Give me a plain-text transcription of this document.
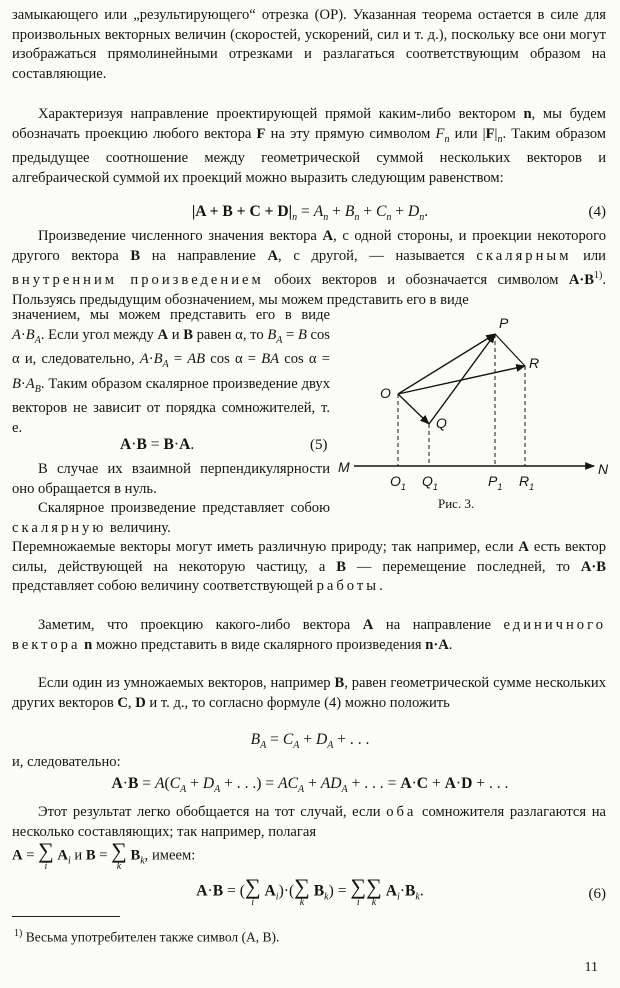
замыкающего или „результирующего“ отрезка (OP). Указанная теорема остается в силе для произвольных векторных величин (скоростей, ускорений, сил и т. д.), поскольку все они могут изображаться прямолинейными отрезками и разлагаться соответствующим образом на составляющие.

Характеризуя направление проектирующей прямой каким-либо вектором n, мы будем обозначать проекцию любого вектора F на эту прямую символом $F_n$ или $|F|_n$. Таким образом предыдущее соотношение между геометрической суммой нескольких векторов и алгебраической суммой их проекций можно выразить следующим равенством:

$|A + B + C + D|_n = A_n + B_n + C_n + D_n$.	(4)

Произведение численного значения вектора A, с одной стороны, и проекции некоторого другого вектора B на направление A, с другой, — называется скалярным или внутренним произведением обоих векторов и обозначается символом $A\cdot B^{1)}$. Пользуясь предыдущим обозначением, мы можем представить его в виде

значением, мы можем представить его в виде $A\cdot B_A$. Если угол между A и B равен α, то $B_A = B$ cos α и, следовательно, $A\cdot B_A$ = AB cos α = BA $\cos \alpha = B\cdot A_B$. Таким образом скалярное произведение двух векторов не зависит от порядка сомножителей, т. е.

A·B = B·A.	(5)

В случае их взаимной перпендикулярности оно обращается в нуль.

Скалярное произведение представляет собою скалярную величину.

O
P
Q
R
M	N
$O_1$ $Q_1$	$P_1$ $R_1$
Рис. 3.

Перемножаемые векторы могут иметь различную природу; так например, если A есть вектор силы, действующей на некоторую частицу, а B — перемещение последней, то A·B представляет собою величину соответствующей работы.

Заметим, что проекцию какого-либо вектора A на направление единичного вектора n можно представить в виде скалярного произведения n·A.

Если один из умножаемых векторов, например B, равен геометрической сумме нескольких других векторов C, D и т. д., то согласно формуле (4) можно положить

$B_A = C_A + D_A$ + . . .

и, следовательно:

$A\cdot B = A(C_A + D_A$ + . . .) = $AC_A + AD_A$ + . . . = A·C + A·D + . . .

Этот результат легко обобщается на тот случай, если оба сомножителя разлагаются на несколько составляющих; так например, полагая

A = ∑
i
$A_i$ и B = ∑
k
$B_k$, имеем:
A·B = ( ∑
i
$A_i)\cdot$( ∑
k
$B_k$) = ∑
i
∑
k
$A_i\cdot B_k$.	(6)
$^{1)}$ Весьма употребителен также символ (A, B).
11
